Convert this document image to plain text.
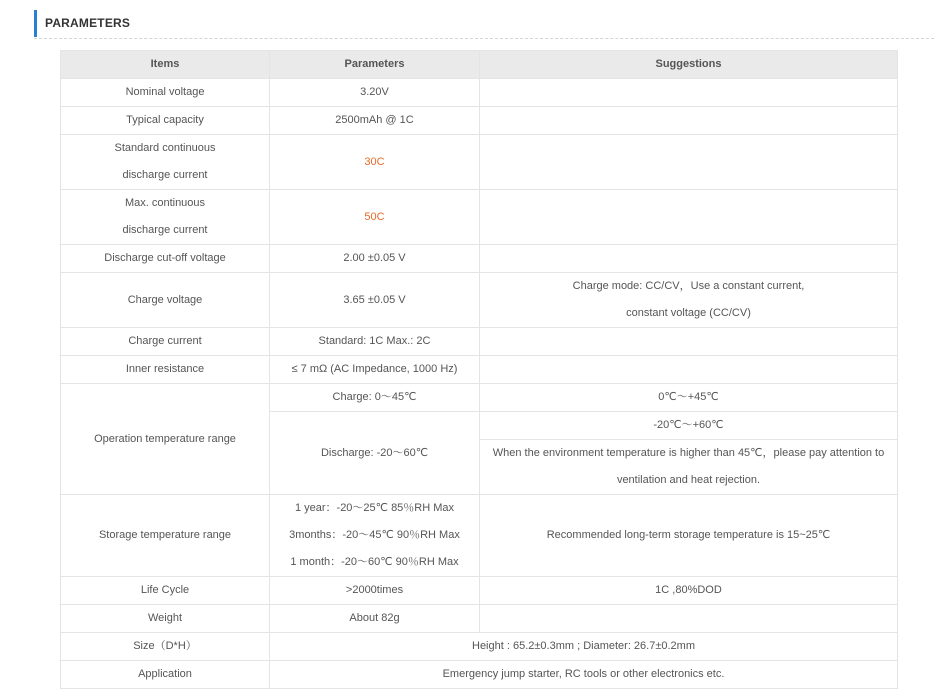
PARAMETERS
Items	Parameters	Suggestions
Nominal voltage	3.20V	
Typical capacity	2500mAh @ 1C	

Standard continuous
discharge current	30C	

Max. continuous
discharge current	50C	
Discharge cut-off voltage	2.00 ±0.05 V	
Charge voltage	3.65 ±0.05 V	Charge mode: CC/CV，Use a constant current,
constant voltage (CC/CV)

Charge current	Standard: 1C Max.: 2C	
Inner resistance	≤ 7 mΩ (AC Impedance, 1000 Hz)	
Operation temperature range	Charge: 0～45℃	0℃～+45℃
	Discharge: -20～60℃	-20℃～+60℃

		When the environment temperature is higher than 45℃，please pay attention to
ventilation and heat rejection.

Storage temperature range	1 year：-20～25℃ 85％RH Max
3months：-20～45℃ 90％RH Max
1 month：-20～60℃ 90％RH Max	Recommended long-term storage temperature is 15~25℃
Life Cycle	>2000times	1C ,80%DOD
Weight	About 82g	
Size（D*H）	Height : 65.2±0.3mm ; Diameter: 26.7±0.2mm	
Application	Emergency jump starter, RC tools or other electronics etc.	
